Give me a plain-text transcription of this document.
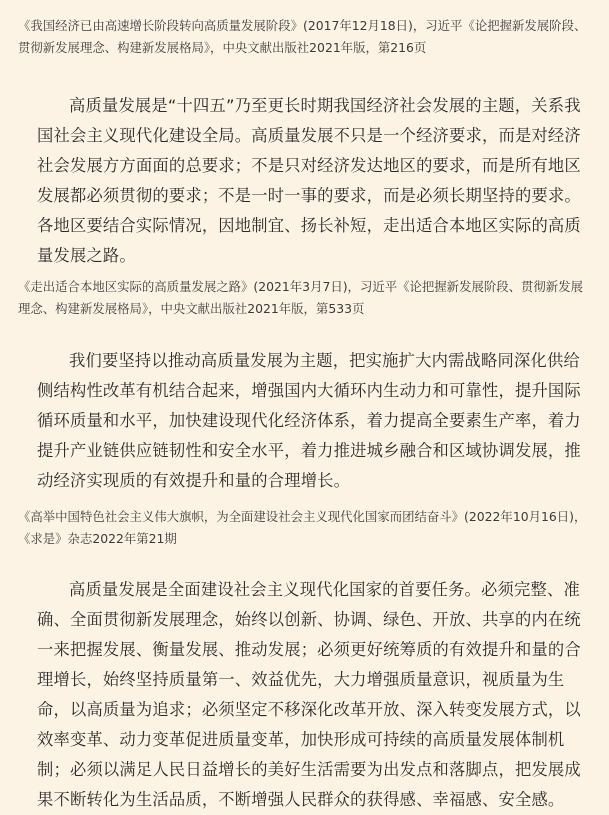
《我国经济已由高速增长阶段转向高质量发展阶段》(2017年12月18日)，习近平《论把握新发展阶段、贯彻新发展理念、构建新发展格局》，中央文献出版社2021年版，第216页

高质量发展是“十四五”乃至更长时期我国经济社会发展的主题，关系我国社会主义现代化建设全局。高质量发展不只是一个经济要求，而是对经济社会发展方方面面的总要求；不是只对经济发达地区的要求，而是所有地区发展都必须贯彻的要求；不是一时一事的要求，而是必须长期坚持的要求。各地区要结合实际情况，因地制宜、扬长补短，走出适合本地区实际的高质量发展之路。

《走出适合本地区实际的高质量发展之路》(2021年3月7日)，习近平《论把握新发展阶段、贯彻新发展理念、构建新发展格局》，中央文献出版社2021年版，第533页

我们要坚持以推动高质量发展为主题，把实施扩大内需战略同深化供给侧结构性改革有机结合起来，增强国内大循环内生动力和可靠性，提升国际循环质量和水平，加快建设现代化经济体系，着力提高全要素生产率，着力提升产业链供应链韧性和安全水平，着力推进城乡融合和区域协调发展，推动经济实现质的有效提升和量的合理增长。

《高举中国特色社会主义伟大旗帜，为全面建设社会主义现代化国家而团结奋斗》(2022年10月16日)，《求是》杂志2022年第21期

高质量发展是全面建设社会主义现代化国家的首要任务。必须完整、准确、全面贯彻新发展理念，始终以创新、协调、绿色、开放、共享的内在统一来把握发展、衡量发展、推动发展；必须更好统筹质的有效提升和量的合理增长，始终坚持质量第一、效益优先，大力增强质量意识，视质量为生命，以高质量为追求；必须坚定不移深化改革开放、深入转变发展方式，以效率变革、动力变革促进质量变革，加快形成可持续的高质量发展体制机制；必须以满足人民日益增长的美好生活需要为出发点和落脚点，把发展成果不断转化为生活品质，不断增强人民群众的获得感、幸福感、安全感。
